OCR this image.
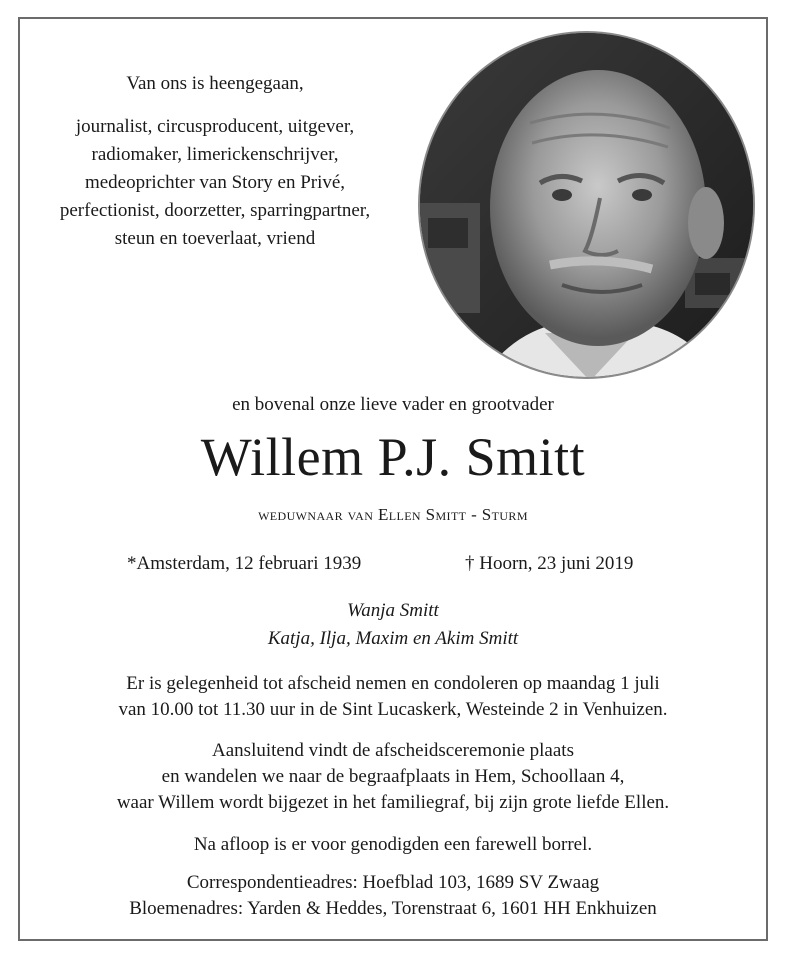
Van ons is heengegaan,
journalist, circusproducent, uitgever,
radiomaker, limerickenschrijver,
medeoprichter van Story en Privé,
perfectionist, doorzetter, sparringpartner,
steun en toeverlaat, vriend
en bovenal onze lieve vader en grootvader
Willem P.J. Smitt
weduwnaar van Ellen Smitt - Sturm
*Amsterdam, 12 februari 1939	† Hoorn, 23 juni 2019
Wanja Smitt
Katja, Ilja, Maxim en Akim Smitt
Er is gelegenheid tot afscheid nemen en condoleren op maandag 1 juli
van 10.00 tot 11.30 uur in de Sint Lucaskerk, Westeinde 2 in Venhuizen.
Aansluitend vindt de afscheidsceremonie plaats
en wandelen we naar de begraafplaats in Hem, Schoollaan 4,
waar Willem wordt bijgezet in het familiegraf, bij zijn grote liefde Ellen.
Na afloop is er voor genodigden een farewell borrel.
Correspondentieadres: Hoefblad 103, 1689 SV Zwaag
Bloemenadres: Yarden & Heddes, Torenstraat 6, 1601 HH Enkhuizen
